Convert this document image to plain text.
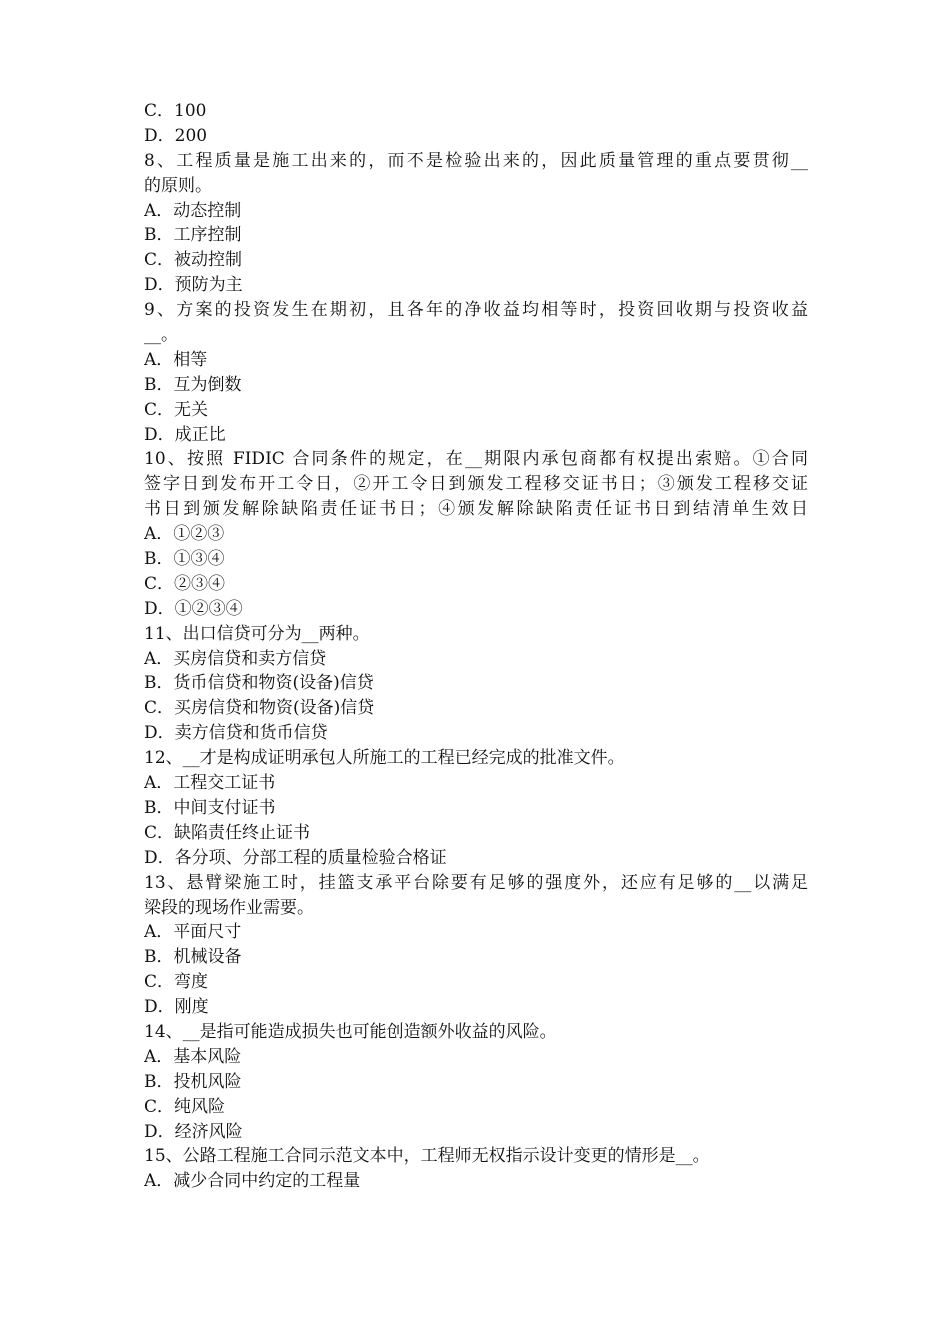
C．100
D．200
8、工程质量是施工出来的，而不是检验出来的，因此质量管理的重点要贯彻__
的原则。
A．动态控制
B．工序控制
C．被动控制
D．预防为主
9、方案的投资发生在期初，且各年的净收益均相等时，投资回收期与投资收益
__。
A．相等
B．互为倒数
C．无关
D．成正比
10、按照 FIDIC 合同条件的规定，在__期限内承包商都有权提出索赔。①合同
签字日到发布开工令日，②开工令日到颁发工程移交证书日；③颁发工程移交证
书日到颁发解除缺陷责任证书日；④颁发解除缺陷责任证书日到结清单生效日
A．①②③
B．①③④
C．②③④
D．①②③④
11、出口信贷可分为__两种。
A．买房信贷和卖方信贷
B．货币信贷和物资(设备)信贷
C．买房信贷和物资(设备)信贷
D．卖方信贷和货币信贷
12、__才是构成证明承包人所施工的工程已经完成的批准文件。
A．工程交工证书
B．中间支付证书
C．缺陷责任终止证书
D．各分项、分部工程的质量检验合格证
13、悬臂梁施工时，挂篮支承平台除要有足够的强度外，还应有足够的__以满足
梁段的现场作业需要。
A．平面尺寸
B．机械设备
C．弯度
D．刚度
14、__是指可能造成损失也可能创造额外收益的风险。
A．基本风险
B．投机风险
C．纯风险
D．经济风险
15、公路工程施工合同示范文本中，工程师无权指示设计变更的情形是__。
A．减少合同中约定的工程量
